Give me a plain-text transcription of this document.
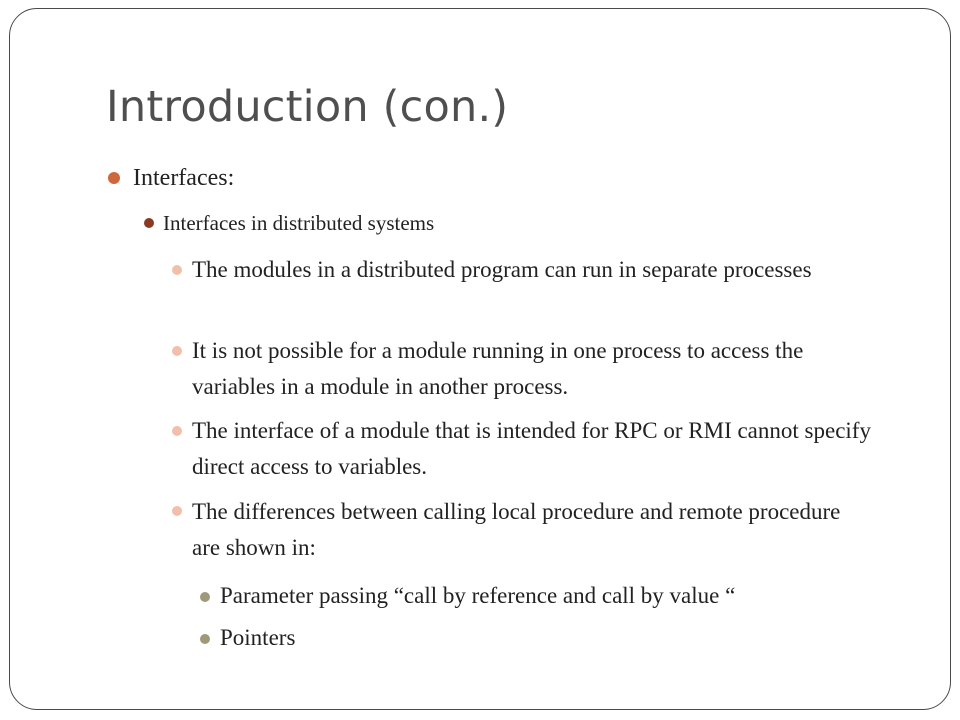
Introduction (con.)
Interfaces:
Interfaces in distributed systems
The modules in a distributed program can run in separate processes
It is not possible for a module running in one process to access the variables in a module in another process.
The interface of a module that is intended for RPC or RMI cannot specify direct access to variables.
The differences between calling local procedure and remote procedure are shown in:
Parameter passing “call by reference and call by value “
Pointers
